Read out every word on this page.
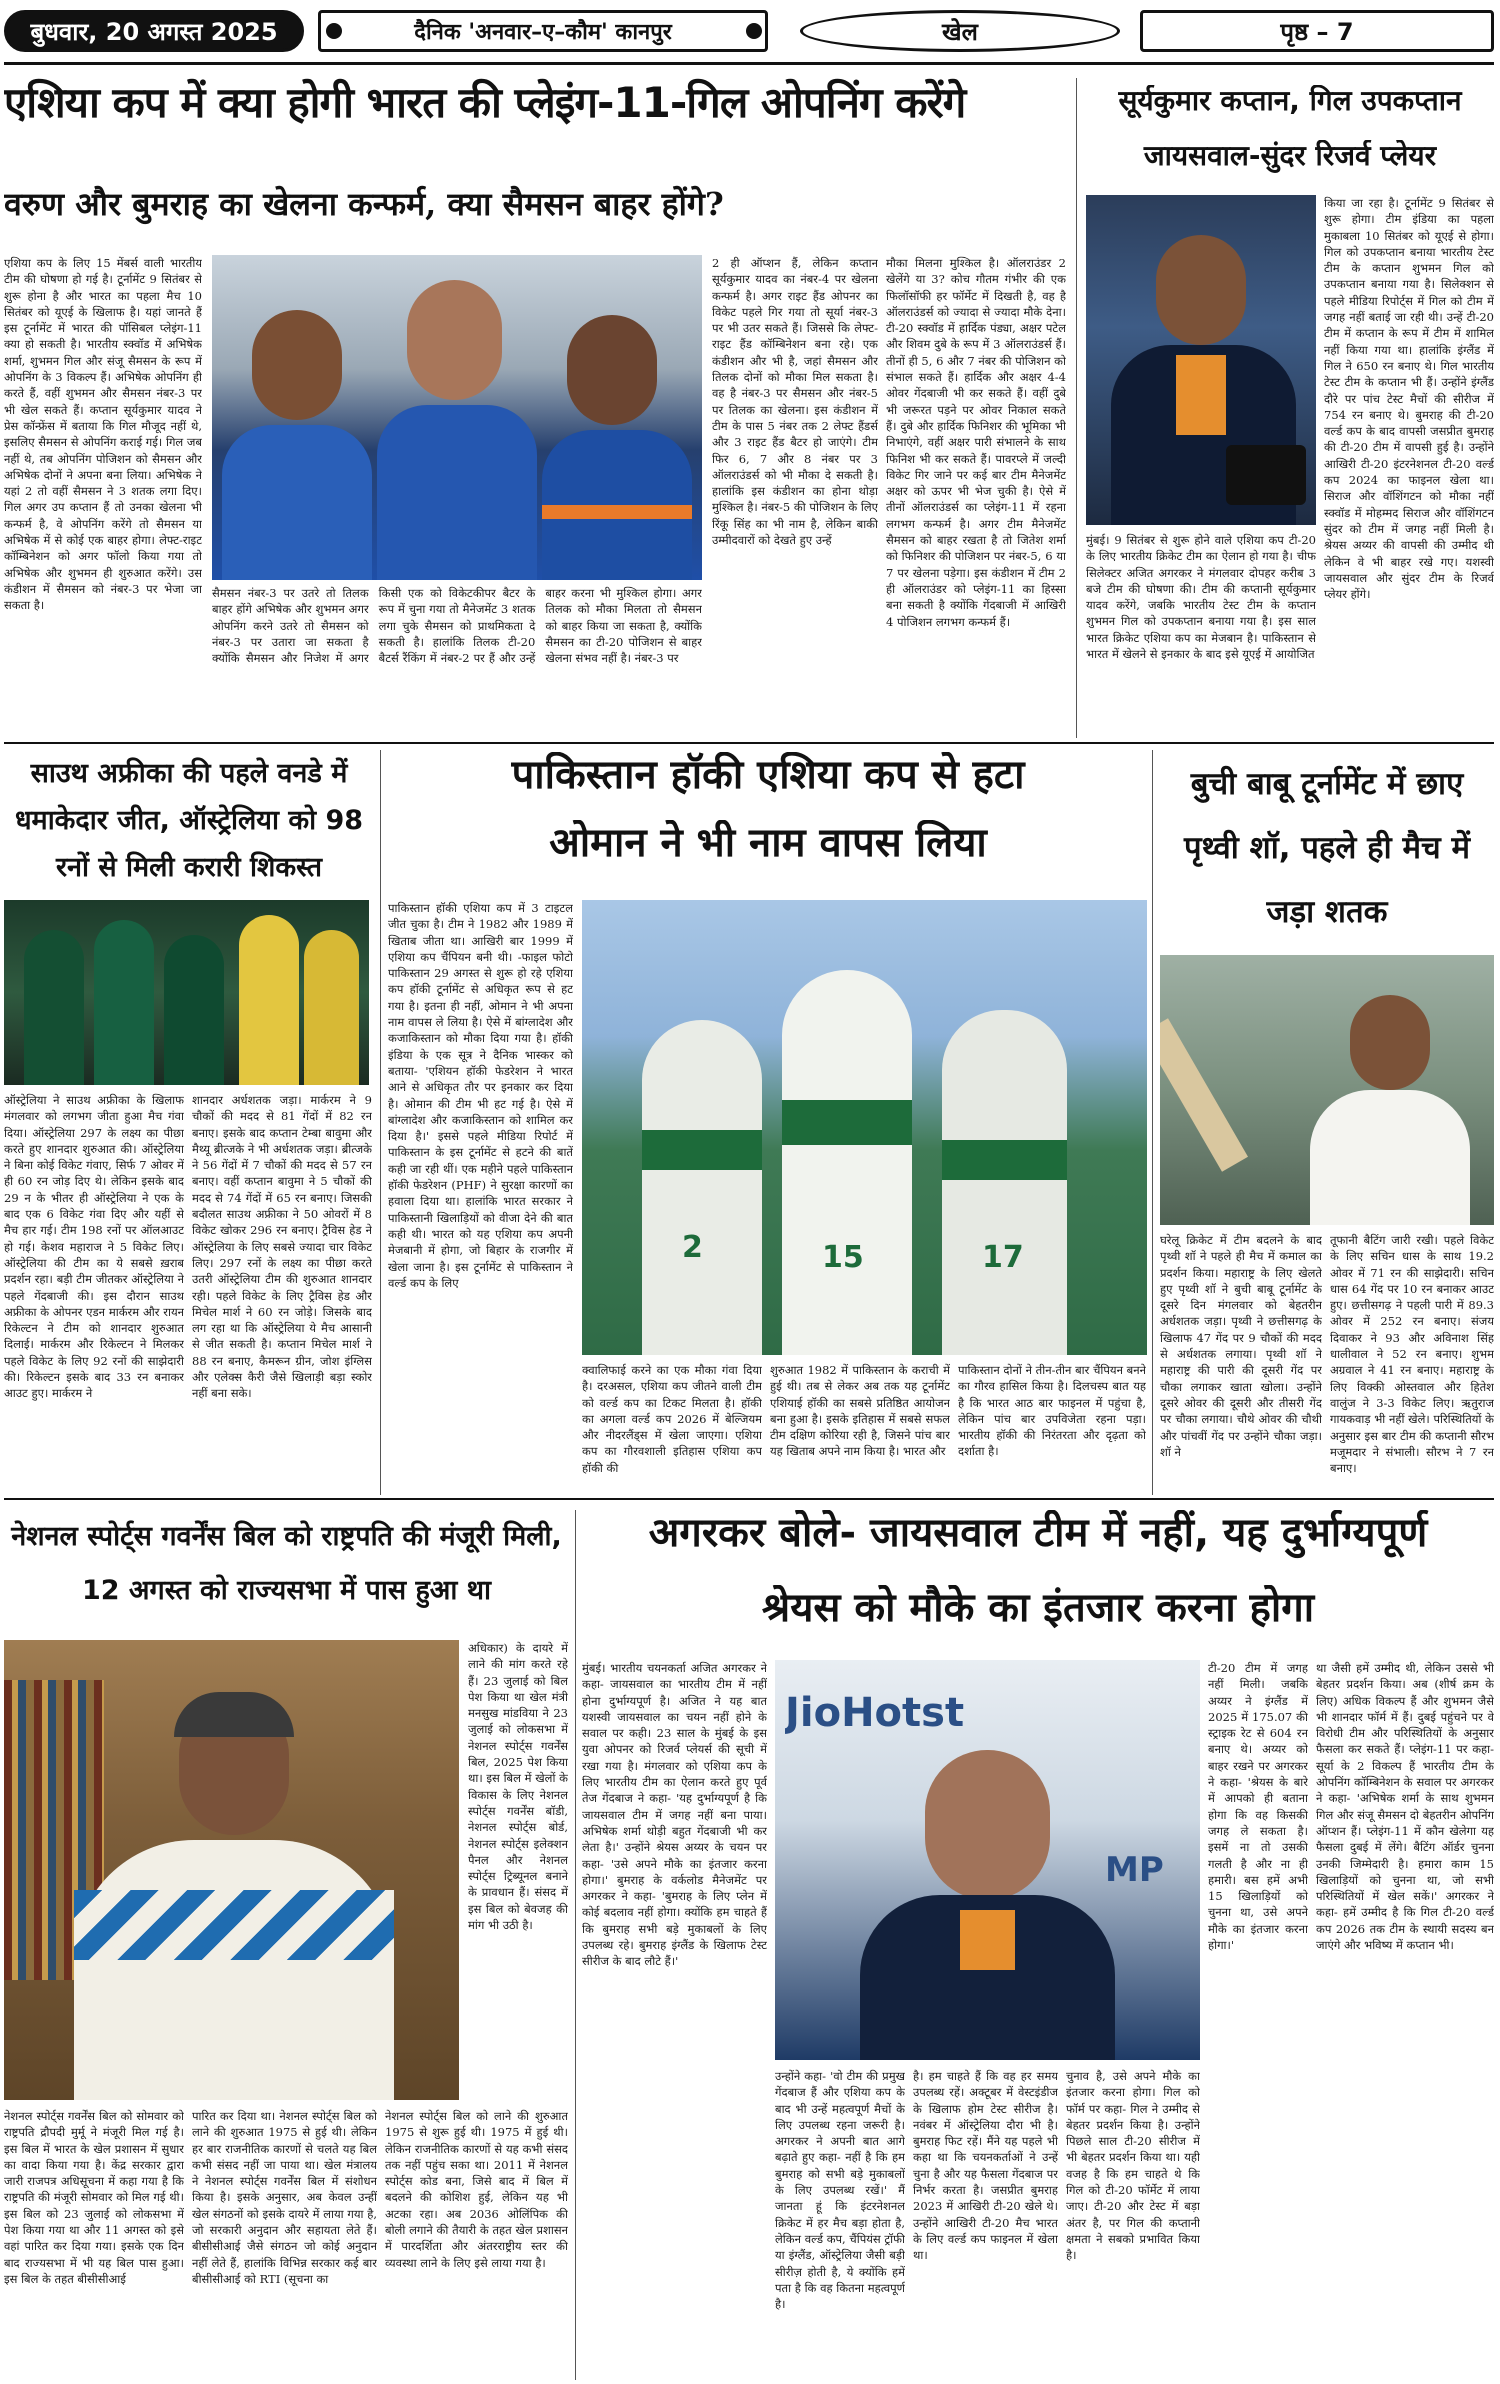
बुधवार, 20 अगस्त 2025	दैनिक 'अनवार–ए–कौम' कानपुर	खेल	पृष्ठ – 7
एशिया कप में क्या होगी भारत की प्लेइंग-11-गिल ओपनिंग करेंगे
वरुण और बुमराह का खेलना कन्फर्म, क्या सैमसन बाहर होंगे?
एशिया कप के लिए 15 मेंबर्स वाली भारतीय टीम की घोषणा हो गई है। टूर्नामेंट 9 सितंबर से शुरू होना है और भारत का पहला मैच 10 सितंबर को यूएई के खिलाफ है। यहां जानते हैं इस टूर्नामेंट में भारत की पॉसिबल प्लेइंग-11 क्या हो सकती है। भारतीय स्क्वॉड में अभिषेक शर्मा, शुभमन गिल और संजू सैमसन के रूप में ओपनिंग के 3 विकल्प हैं। अभिषेक ओपनिंग ही करते हैं, वहीं शुभमन और सैमसन नंबर-3 पर भी खेल सकते हैं। कप्तान सूर्यकुमार यादव ने प्रेस कॉन्फ्रेंस में बताया कि गिल मौजूद नहीं थे, इसलिए सैमसन से ओपनिंग कराई गई। गिल जब नहीं थे, तब ओपनिंग पोजिशन को सैमसन और अभिषेक दोनों ने अपना बना लिया। अभिषेक ने यहां 2 तो वहीं सैमसन ने 3 शतक लगा दिए। गिल अगर उप कप्तान हैं तो उनका खेलना भी कन्फर्म है, वे ओपनिंग करेंगे तो सैमसन या अभिषेक में से कोई एक बाहर होगा। लेफ्ट-राइट कॉम्बिनेशन को अगर फॉलो किया गया तो अभिषेक और शुभमन ही शुरुआत करेंगे। उस कंडीशन में सैमसन को नंबर-3 पर भेजा जा सकता है।
सैमसन नंबर-3 पर उतरे तो तिलक बाहर होंगे अभिषेक और शुभमन अगर ओपनिंग करने उतरे तो सैमसन को नंबर-3 पर उतारा जा सकता है क्योंकि सैमसन और निजेश में अगर किसी एक को विकेटकीपर बैटर के रूप में चुना गया तो मैनेजमेंट 3 शतक लगा चुके सैमसन को प्राथमिकता दे सकती है। हालांकि तिलक टी-20 बैटर्स रैंकिंग में नंबर-2 पर हैं और उन्हें बाहर करना भी मुश्किल होगा। अगर तिलक को मौका मिलता तो सैमसन को बाहर किया जा सकता है, क्योंकि सैमसन का टी-20 पोजिशन से बाहर खेलना संभव नहीं है। नंबर-3 पर
2 ही ऑप्शन हैं, लेकिन कप्तान सूर्यकुमार यादव का नंबर-4 पर खेलना कन्फर्म है। अगर राइट हैंड ओपनर का विकेट पहले गिर गया तो सूर्या नंबर-3 पर भी उतर सकते हैं। जिससे कि लेफ्ट-राइट हैंड कॉम्बिनेशन बना रहे। एक कंडीशन और भी है, जहां सैमसन और तिलक दोनों को मौका मिल सकता है। वह है नंबर-3 पर सैमसन और नंबर-5 पर तिलक का खेलना। इस कंडीशन में टीम के पास 5 नंबर तक 2 लेफ्ट हैंडर्स और 3 राइट हैंड बैटर हो जाएंगे। टीम फिर 6, 7 और 8 नंबर पर 3 ऑलराउंडर्स को भी मौका दे सकती है। हालांकि इस कंडीशन का होना थोड़ा मुश्किल है। नंबर-5 की पोजिशन के लिए रिंकू सिंह का भी नाम है, लेकिन बाकी उम्मीदवारों को देखते हुए उन्हें
मौका मिलना मुश्किल है। ऑलराउंडर 2 खेलेंगे या 3? कोच गौतम गंभीर की एक फिलॉसॉफी हर फॉर्मेट में दिखती है, वह है ऑलराउंडर्स को ज्यादा से ज्यादा मौके देना। टी-20 स्क्वॉड में हार्दिक पंड्या, अक्षर पटेल और शिवम दुबे के रूप में 3 ऑलराउंडर्स हैं। तीनों ही 5, 6 और 7 नंबर की पोजिशन को संभाल सकते हैं। हार्दिक और अक्षर 4-4 ओवर गेंदबाजी भी कर सकते हैं। वहीं दुबे भी जरूरत पड़ने पर ओवर निकाल सकते हैं। दुबे और हार्दिक फिनिशर की भूमिका भी निभाएंगे, वहीं अक्षर पारी संभालने के साथ फिनिश भी कर सकते हैं। पावरप्ले में जल्दी विकेट गिर जाने पर कई बार टीम मैनेजमेंट अक्षर को ऊपर भी भेज चुकी है। ऐसे में तीनों ऑलराउंडर्स का प्लेइंग-11 में रहना लगभग कन्फर्म है। अगर टीम मैनेजमेंट सैमसन को बाहर रखता है तो जितेश शर्मा को फिनिशर की पोजिशन पर नंबर-5, 6 या 7 पर खेलना पड़ेगा। इस कंडीशन में टीम 2 ही ऑलराउंडर को प्लेइंग-11 का हिस्सा बना सकती है क्योंकि गेंदबाजी में आखिरी 4 पोजिशन लगभग कन्फर्म हैं।
सूर्यकुमार कप्तान, गिल उपकप्तान
जायसवाल-सुंदर रिजर्व प्लेयर
मुंबई। 9 सितंबर से शुरू होने वाले एशिया कप टी-20 के लिए भारतीय क्रिकेट टीम का ऐलान हो गया है। चीफ सिलेक्टर अजित अगरकर ने मंगलवार दोपहर करीब 3 बजे टीम की घोषणा की। टीम की कप्तानी सूर्यकुमार यादव करेंगे, जबकि भारतीय टेस्ट टीम के कप्तान शुभमन गिल को उपकप्तान बनाया गया है। इस साल भारत क्रिकेट एशिया कप का मेजबान है। पाकिस्तान से भारत में खेलने से इनकार के बाद इसे यूएई में आयोजित
किया जा रहा है। टूर्नामेंट 9 सितंबर से शुरू होगा। टीम इंडिया का पहला मुकाबला 10 सितंबर को यूएई से होगा। गिल को उपकप्तान बनाया भारतीय टेस्ट टीम के कप्तान शुभमन गिल को उपकप्तान बनाया गया है। सिलेक्शन से पहले मीडिया रिपोर्ट्स में गिल को टीम में जगह नहीं बताई जा रही थी। उन्हें टी-20 टीम में कप्तान के रूप में टीम में शामिल नहीं किया गया था। हालांकि इंग्लैंड में गिल ने 650 रन बनाए थे। गिल भारतीय टेस्ट टीम के कप्तान भी हैं। उन्होंने इंग्लैंड दौरे पर पांच टेस्ट मैचों की सीरीज में 754 रन बनाए थे। बुमराह की टी-20 वर्ल्ड कप के बाद वापसी जसप्रीत बुमराह की टी-20 टीम में वापसी हुई है। उन्होंने आखिरी टी-20 इंटरनेशनल टी-20 वर्ल्ड कप 2024 का फाइनल खेला था। सिराज और वॉशिंगटन को मौका नहीं स्क्वॉड में मोहम्मद सिराज और वॉशिंगटन सुंदर को टीम में जगह नहीं मिली है। श्रेयस अय्यर की वापसी की उम्मीद थी लेकिन वे भी बाहर रखे गए। यशस्वी जायसवाल और सुंदर टीम के रिजर्व प्लेयर होंगे।
साउथ अफ्रीका की पहले वनडे में धमाकेदार जीत, ऑस्ट्रेलिया को 98 रनों से मिली करारी शिकस्त
ऑस्ट्रेलिया ने साउथ अफ्रीका के खिलाफ मंगलवार को लगभग जीता हुआ मैच गंवा दिया। ऑस्ट्रेलिया 297 के लक्ष्य का पीछा करते हुए शानदार शुरुआत की। ऑस्ट्रेलिया ने बिना कोई विकेट गंवाए, सिर्फ 7 ओवर में ही 60 रन जोड़ दिए थे। लेकिन इसके बाद 29 न के भीतर ही ऑस्ट्रेलिया ने एक के बाद एक 6 विकेट गंवा दिए और यहीं से मैच हार गई। टीम 198 रनों पर ऑलआउट हो गई। केशव महाराज ने 5 विकेट लिए। ऑस्ट्रेलिया की टीम का ये सबसे ख़राब प्रदर्शन रहा। बड़ी टीम जीतकर ऑस्ट्रेलिया ने पहले गेंदबाजी की। इस दौरान साउथ अफ्रीका के ओपनर एडन मार्करम और रायन रिकेल्टन ने टीम को शानदार शुरुआत दिलाई। मार्करम और रिकेल्टन ने मिलकर पहले विकेट के लिए 92 रनों की साझेदारी की। रिकेल्टन इसके बाद 33 रन बनाकर आउट हुए। मार्करम ने
शानदार अर्धशतक जड़ा। मार्करम ने 9 चौकों की मदद से 81 गेंदों में 82 रन बनाए। इसके बाद कप्तान टेम्बा बावुमा और मैथ्यू ब्रीत्जके ने भी अर्धशतक जड़ा। ब्रीत्जके ने 56 गेंदों में 7 चौकों की मदद से 57 रन बनाए। वहीं कप्तान बावुमा ने 5 चौकों की मदद से 74 गेंदों में 65 रन बनाए। जिसकी बदौलत साउथ अफ्रीका ने 50 ओवरों में 8 विकेट खोकर 296 रन बनाए। ट्रैविस हेड ने ऑस्ट्रेलिया के लिए सबसे ज्यादा चार विकेट लिए। 297 रनों के लक्ष्य का पीछा करते उतरी ऑस्ट्रेलिया टीम की शुरुआत शानदार रही। पहले विकेट के लिए ट्रैविस हेड और मिचेल मार्श ने 60 रन जोड़े। जिसके बाद लग रहा था कि ऑस्ट्रेलिया ये मैच आसानी से जीत सकती है। कप्तान मिचेल मार्श ने 88 रन बनाए, कैमरून ग्रीन, जोश इंग्लिस और एलेक्स कैरी जैसे खिलाड़ी बड़ा स्कोर नहीं बना सके।
पाकिस्तान हॉकी एशिया कप से हटा
ओमान ने भी नाम वापस लिया
पाकिस्तान हॉकी एशिया कप में 3 टाइटल जीत चुका है। टीम ने 1982 और 1989 में खिताब जीता था। आखिरी बार 1999 में एशिया कप चैंपियन बनी थी। -फाइल फोटो पाकिस्तान 29 अगस्त से शुरू हो रहे एशिया कप हॉकी टूर्नामेंट से अधिकृत रूप से हट गया है। इतना ही नहीं, ओमान ने भी अपना नाम वापस ले लिया है। ऐसे में बांग्लादेश और कजाकिस्तान को मौका दिया गया है। हॉकी इंडिया के एक सूत्र ने दैनिक भास्कर को बताया- 'एशियन हॉकी फेडरेशन ने भारत आने से अधिकृत तौर पर इनकार कर दिया है। ओमान की टीम भी हट गई है। ऐसे में बांग्लादेश और कजाकिस्तान को शामिल कर दिया है।' इससे पहले मीडिया रिपोर्ट में पाकिस्तान के इस टूर्नामेंट से हटने की बातें कही जा रही थीं। एक महीने पहले पाकिस्तान हॉकी फेडरेशन (PHF) ने सुरक्षा कारणों का हवाला दिया था। हालांकि भारत सरकार ने पाकिस्तानी खिलाड़ियों को वीजा देने की बात कही थी। भारत को यह एशिया कप अपनी मेजबानी में होगा, जो बिहार के राजगीर में खेला जाना है। इस टूर्नामेंट से पाकिस्तान ने वर्ल्ड कप के लिए
2	15	17
क्वालिफाई करने का एक मौका गंवा दिया है। दरअसल, एशिया कप जीतने वाली टीम को वर्ल्ड कप का टिकट मिलता है। हॉकी का अगला वर्ल्ड कप 2026 में बेल्जियम और नीदरलैंड्स में खेला जाएगा। एशिया कप का गौरवशाली इतिहास एशिया कप हॉकी की
शुरुआत 1982 में पाकिस्तान के कराची में हुई थी। तब से लेकर अब तक यह टूर्नामेंट एशियाई हॉकी का सबसे प्रतिष्ठित आयोजन बना हुआ है। इसके इतिहास में सबसे सफल टीम दक्षिण कोरिया रही है, जिसने पांच बार यह खिताब अपने नाम किया है। भारत और
पाकिस्तान दोनों ने तीन-तीन बार चैंपियन बनने का गौरव हासिल किया है। दिलचस्प बात यह है कि भारत आठ बार फाइनल में पहुंचा है, लेकिन पांच बार उपविजेता रहना पड़ा। भारतीय हॉकी की निरंतरता और दृढ़ता को दर्शाता है।
बुची बाबू टूर्नामेंट में छाए पृथ्वी शॉ, पहले ही मैच में जड़ा शतक
घरेलू क्रिकेट में टीम बदलने के बाद पृथ्वी शॉ ने पहले ही मैच में कमाल का प्रदर्शन किया। महाराष्ट्र के लिए खेलते हुए पृथ्वी शॉ ने बुची बाबू टूर्नामेंट के दूसरे दिन मंगलवार को बेहतरीन अर्धशतक जड़ा। पृथ्वी ने छत्तीसगढ़ के खिलाफ 47 गेंद पर 9 चौकों की मदद से अर्धशतक लगाया। पृथ्वी शॉ ने महाराष्ट्र की पारी की दूसरी गेंद पर चौका लगाकर खाता खोला। उन्होंने दूसरे ओवर की दूसरी और तीसरी गेंद पर चौका लगाया। चौथे ओवर की चौथी और पांचवीं गेंद पर उन्होंने चौका जड़ा। शॉ ने
तूफानी बैटिंग जारी रखी। पहले विकेट के लिए सचिन धास के साथ 19.2 ओवर में 71 रन की साझेदारी। सचिन धास 64 गेंद पर 10 रन बनाकर आउट हुए। छत्तीसगढ़ ने पहली पारी में 89.3 ओवर में 252 रन बनाए। संजय दिवाकर ने 93 और अविनाश सिंह धालीवाल ने 52 रन बनाए। शुभम अग्रवाल ने 41 रन बनाए। महाराष्ट्र के लिए विक्की ओस्तवाल और हितेश वालुंज ने 3-3 विकेट लिए। ऋतुराज गायकवाड़ भी नहीं खेले। परिस्थितियों के अनुसार इस बार टीम की कप्तानी सौरभ मजूमदार ने संभाली। सौरभ ने 7 रन बनाए।
नेशनल स्पोर्ट्स गवर्नेंस बिल को राष्ट्रपति की मंजूरी मिली, 12 अगस्त को राज्यसभा में पास हुआ था
अधिकार) के दायरे में लाने की मांग करते रहे हैं। 23 जुलाई को बिल पेश किया था खेल मंत्री मनसुख मांडविया ने 23 जुलाई को लोकसभा में नेशनल स्पोर्ट्स गवर्नेंस बिल, 2025 पेश किया था। इस बिल में खेलों के विकास के लिए नेशनल स्पोर्ट्स गवर्नेंस बॉडी, नेशनल स्पोर्ट्स बोर्ड, नेशनल स्पोर्ट्स इलेक्शन पैनल और नेशनल स्पोर्ट्स ट्रिब्यूनल बनाने के प्रावधान हैं। संसद में इस बिल को बेवजह की मांग भी उठी है।
नेशनल स्पोर्ट्स गवर्नेंस बिल को सोमवार को राष्ट्रपति द्रौपदी मुर्मू ने मंजूरी मिल गई है। इस बिल में भारत के खेल प्रशासन में सुधार का वादा किया गया है। केंद्र सरकार द्वारा जारी राजपत्र अधिसूचना में कहा गया है कि राष्ट्रपति की मंजूरी सोमवार को मिल गई थी। इस बिल को 23 जुलाई को लोकसभा में पेश किया गया था और 11 अगस्त को इसे वहां पारित कर दिया गया। इसके एक दिन बाद राज्यसभा में भी यह बिल पास हुआ। इस बिल के तहत बीसीसीआई
पारित कर दिया था। नेशनल स्पोर्ट्स बिल को लाने की शुरुआत 1975 से हुई थी। लेकिन हर बार राजनीतिक कारणों से चलते यह बिल कभी संसद नहीं जा पाया था। खेल मंत्रालय ने नेशनल स्पोर्ट्स गवर्नेंस बिल में संशोधन किया है। इसके अनुसार, अब केवल उन्हीं खेल संगठनों को इसके दायरे में लाया गया है, जो सरकारी अनुदान और सहायता लेते हैं। बीसीसीआई जैसे संगठन जो कोई अनुदान नहीं लेते हैं, हालांकि विभिन्न सरकार कई बार बीसीसीआई को RTI (सूचना का
नेशनल स्पोर्ट्स बिल को लाने की शुरुआत 1975 से शुरू हुई थी। 1975 में हुई थी। लेकिन राजनीतिक कारणों से यह कभी संसद तक नहीं पहुंच सका था। 2011 में नेशनल स्पोर्ट्स कोड बना, जिसे बाद में बिल में बदलने की कोशिश हुई, लेकिन यह भी अटका रहा। अब 2036 ओलिंपिक की बोली लगाने की तैयारी के तहत खेल प्रशासन में पारदर्शिता और अंतरराष्ट्रीय स्तर की व्यवस्था लाने के लिए इसे लाया गया है।
अगरकर बोले- जायसवाल टीम में नहीं, यह दुर्भाग्यपूर्ण
श्रेयस को मौके का इंतजार करना होगा
मुंबई। भारतीय चयनकर्ता अजित अगरकर ने कहा- जायसवाल का भारतीय टीम में नहीं होना दुर्भाग्यपूर्ण है। अजित ने यह बात यशस्वी जायसवाल का चयन नहीं होने के सवाल पर कही। 23 साल के मुंबई के इस युवा ओपनर को रिजर्व प्लेयर्स की सूची में रखा गया है। मंगलवार को एशिया कप के लिए भारतीय टीम का ऐलान करते हुए पूर्व तेज गेंदबाज ने कहा- 'यह दुर्भाग्यपूर्ण है कि जायसवाल टीम में जगह नहीं बना पाया। अभिषेक शर्मा थोड़ी बहुत गेंदबाजी भी कर लेता है।' उन्होंने श्रेयस अय्यर के चयन पर कहा- 'उसे अपने मौके का इंतजार करना होगा।' बुमराह के वर्कलोड मैनेजमेंट पर अगरकर ने कहा- 'बुमराह के लिए प्लेन में कोई बदलाव नहीं होगा। क्योंकि हम चाहते हैं कि बुमराह सभी बड़े मुकाबलों के लिए उपलब्ध रहे। बुमराह इंग्लैंड के खिलाफ टेस्ट सीरीज के बाद लौटे हैं।'
JioHotst
MP
उन्होंने कहा- 'वो टीम की प्रमुख गेंदबाज हैं और एशिया कप के बाद भी उन्हें महत्वपूर्ण मैचों के लिए उपलब्ध रहना जरूरी है। अगरकर ने अपनी बात आगे बढ़ाते हुए कहा- नहीं है कि हम बुमराह को सभी बड़े मुकाबलों के लिए उपलब्ध रखें।' मैं जानता हूं कि इंटरनेशनल क्रिकेट में हर मैच बड़ा होता है, लेकिन वर्ल्ड कप, चैंपियंस ट्रॉफी या इंग्लैंड, ऑस्ट्रेलिया जैसी बड़ी सीरीज़ होती है, ये क्योंकि हमें पता है कि वह कितना महत्वपूर्ण है।
है। हम चाहते हैं कि वह हर समय उपलब्ध रहें। अक्टूबर में वेस्टइंडीज के खिलाफ होम टेस्ट सीरीज है। नवंबर में ऑस्ट्रेलिया दौरा भी है। बुमराह फिट रहें। मैंने यह पहले भी कहा था कि चयनकर्ताओं ने उन्हें चुना है और यह फैसला गेंदबाज पर निर्भर करता है। जसप्रीत बुमराह 2023 में आखिरी टी-20 खेले थे। उन्होंने आखिरी टी-20 मैच भारत के लिए वर्ल्ड कप फाइनल में खेला था।
चुनाव है, उसे अपने मौके का इंतजार करना होगा। गिल को फॉर्म पर कहा- गिल ने उम्मीद से बेहतर प्रदर्शन किया है। उन्होंने पिछले साल टी-20 सीरीज में भी बेहतर प्रदर्शन किया था। यही वजह है कि हम चाहते थे कि गिल को टी-20 फॉर्मेट में लाया जाए। टी-20 और टेस्ट में बड़ा अंतर है, पर गिल की कप्तानी क्षमता ने सबको प्रभावित किया है।
टी-20 टीम में जगह नहीं मिली। जबकि अय्यर ने इंग्लैंड में 2025 में 175.07 की स्ट्राइक रेट से 604 रन बनाए थे। अय्यर को बाहर रखने पर अगरकर ने कहा- 'श्रेयस के बारे में आपको ही बताना होगा कि वह किसकी जगह ले सकता है। इसमें ना तो उसकी गलती है और ना ही हमारी। बस हमें अभी 15 खिलाड़ियों को चुनना था, उसे अपने मौके का इंतजार करना होगा।'
था जैसी हमें उम्मीद थी, लेकिन उससे भी बेहतर प्रदर्शन किया। अब (शीर्ष क्रम के लिए) अधिक विकल्प हैं और शुभमन जैसे भी शानदार फॉर्म में हैं। दुबई पहुंचने पर वे विरोधी टीम और परिस्थितियों के अनुसार फैसला कर सकते हैं। प्लेइंग-11 पर कहा- सूर्या के 2 विकल्प हैं भारतीय टीम के ओपनिंग कॉम्बिनेशन के सवाल पर अगरकर ने कहा- 'अभिषेक शर्मा के साथ शुभमन गिल और संजू सैमसन दो बेहतरीन ओपनिंग ऑप्शन हैं। प्लेइंग-11 में कौन खेलेगा यह फैसला दुबई में लेंगे। बैटिंग ऑर्डर चुनना उनकी जिम्मेदारी है। हमारा काम 15 खिलाड़ियों को चुनना था, जो सभी परिस्थितियों में खेल सकें।' अगरकर ने कहा- हमें उम्मीद है कि गिल टी-20 वर्ल्ड कप 2026 तक टीम के स्थायी सदस्य बन जाएंगे और भविष्य में कप्तान भी।
